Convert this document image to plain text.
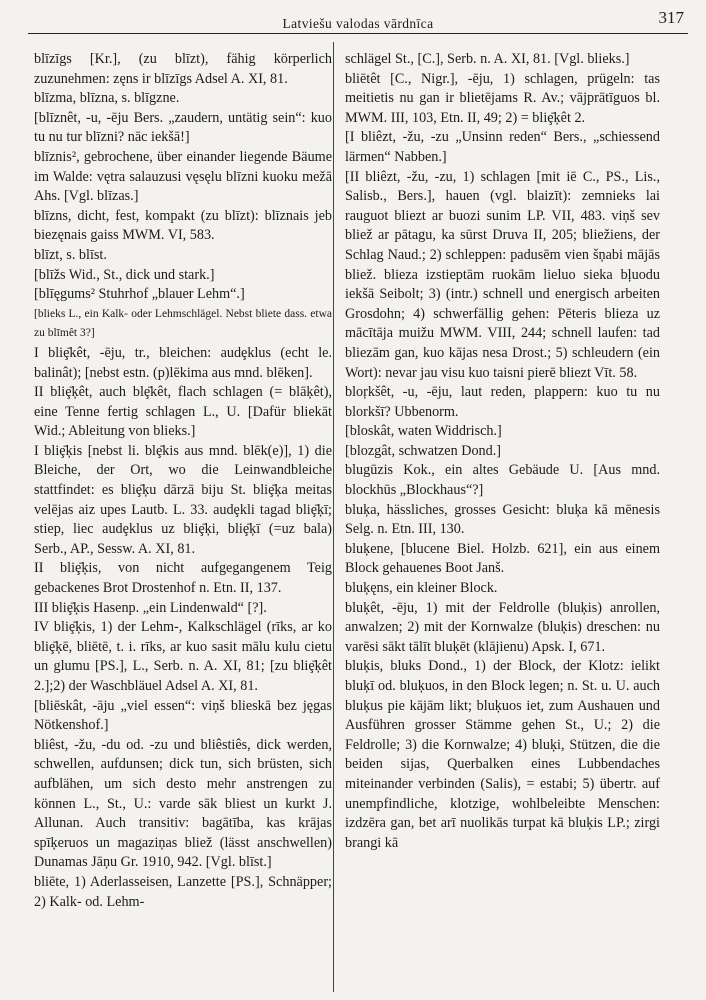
Latviešu valodas vārdnīca	317

blīzīgs [Kr.], (zu blīzt), fähig körperlich zuzunehmen: zęns ir blīzīgs Adsel A. XI, 81.

blīzma, blīzna, s. blīgzne.

[blīznêt, -u, -ēju Bers. „zaudern, untätig sein“: kuo tu nu tur blīzni? nāc iekšā!]

blīznis², gebrochene, über einander liegende Bäume im Walde: vętra salauzusi vęsęlu blīzni kuoku mežā Ahs. [Vgl. blīzas.]

blīzns, dicht, fest, kompakt (zu blīzt): blīznais jeb biezęnais gaiss MWM. VI, 583.

blīzt, s. blīst.

[blīžs Wid., St., dick und stark.]

[blīęgums² Stuhrhof „blauer Lehm“.]

[blieks L., ein Kalk- oder Lehmschlägel. Nebst bliete dass. etwa zu blīmêt 3?]

I bliȩ̄kêt, -ēju, tr., bleichen: audȩklus (echt le. balinât); [nebst estn. (p)lēkima aus mnd. blēken].

II bliȩ̄ķêt, auch blȩ̄kêt, flach schlagen (= blāķêt), eine Tenne fertig schlagen L., U. [Dafür bliekāt Wid.; Ableitung von blieks.]

I bliȩ̄ķis [nebst li. blȩ̄kis aus mnd. blēk(e)], 1) die Bleiche, der Ort, wo die Leinwandbleiche stattfindet: es bliȩ̄ķu dārzā biju St. bliȩ̄ķa meitas velējas aiz upes Lautb. L. 33. audȩkli tagad bliȩ̄ķī; stiep, liec audȩklus uz bliȩ̄ķi, bliȩ̄ķī (=uz bala) Serb., AP., Sessw. A. XI, 81.

II bliȩ̄ķis, von nicht aufgegangenem Teig gebackenes Brot Drostenhof n. Etn. II, 137.

III bliȩ̄ķis Hasenp. „ein Lindenwald“ [?].

IV bliȩ̄ķis, 1) der Lehm-, Kalkschlägel (rīks, ar ko bliȩ̄ķē, bliētē, t. i. rīks, ar kuo sasit mālu kulu cietu un glumu [PS.], L., Serb. n. A. XI, 81; [zu bliȩ̄ķêt 2.];2) der Waschbläuel Adsel A. XI, 81.

[bliēskât, -āju „viel essen“: viņš blieskā bez jęgas Nötkenshof.]

bliêst, -žu, -du od. -zu und bliêstiês, dick werden, schwellen, aufdunsen; dick tun, sich brüsten, sich aufblähen, um sich desto mehr anstrengen zu können L., St., U.: varde sāk bliest un kurkt J. Allunan. Auch transitiv: bagātība, kas krājas spīķeruos un magaziņas bliež (lässt anschwellen) Dunamas Jāņu Gr. 1910, 942. [Vgl. blīst.]

bliēte, 1) Aderlasseisen, Lanzette [PS.], Schnäpper; 2) Kalk- od. Lehm-

schlägel St., [C.], Serb. n. A. XI, 81. [Vgl. blieks.]

bliētêt [C., Nigr.], -ēju, 1) schlagen, prügeln: tas meitietis nu gan ir blietējams R. Av.; vājprātīguos bl. MWM. III, 103, Etn. II, 49; 2) = bliȩ̄ķêt 2.

[I bliêzt, -žu, -zu „Unsinn reden“ Bers., „schiessend lärmen“ Nabben.]

[II bliêzt, -žu, -zu, 1) schlagen [mit iē C., PS., Lis., Salisb., Bers.], hauen (vgl. blaizīt): zemnieks lai rauguot bliezt ar buozi sunim LP. VII, 483. viņš sev bliež ar pātagu, ka sūrst Druva II, 205; bliežiens, der Schlag Naud.; 2) schleppen: padusēm vien šņabi mājās bliež. blieza izstieptām ruokām lieluo sieka bļuodu iekšā Seibolt; 3) (intr.) schnell und energisch arbeiten Grosdohn; 4) schwerfällig gehen: Pēteris blieza uz mācītāja muižu MWM. VIII, 244; schnell laufen: tad bliezām gan, kuo kājas nesa Drost.; 5) schleudern (ein Wort): nevar jau visu kuo taisni pierē bliezt Vīt. 58.

bloŗkšêt, -u, -ēju, laut reden, plappern: kuo tu nu blorkšī? Ubbenorm.

[bloskât, waten Widdrisch.]

[blozgât, schwatzen Dond.]

blugūzis Kok., ein altes Gebäude U. [Aus mnd. blockhūs „Blockhaus“?]

bluķa, hässliches, grosses Gesicht: bluķa kā mēnesis Selg. n. Etn. III, 130.

bluķene, [blucene Biel. Holzb. 621], ein aus einem Block gehauenes Boot Janš.

bluķęns, ein kleiner Block.

bluķêt, -ēju, 1) mit der Feldrolle (bluķis) anrollen, anwalzen; 2) mit der Kornwalze (bluķis) dreschen: nu varēsi sākt tālīt bluķēt (klājienu) Apsk. I, 671.

bluķis, bluks Dond., 1) der Block, der Klotz: ielikt bluķī od. bluķuos, in den Block legen; n. St. u. U. auch bluķus pie kājām likt; bluķuos iet, zum Aushauen und Ausführen grosser Stämme gehen St., U.; 2) die Feldrolle; 3) die Kornwalze; 4) bluķi, Stützen, die die beiden sijas, Querbalken eines Lubbendaches miteinander verbinden (Salis), = estabi; 5) übertr. auf unempfindliche, klotzige, wohlbeleibte Menschen: izdzēra gan, bet arī nuolikās turpat kā bluķis LP.; zirgi brangi kā
